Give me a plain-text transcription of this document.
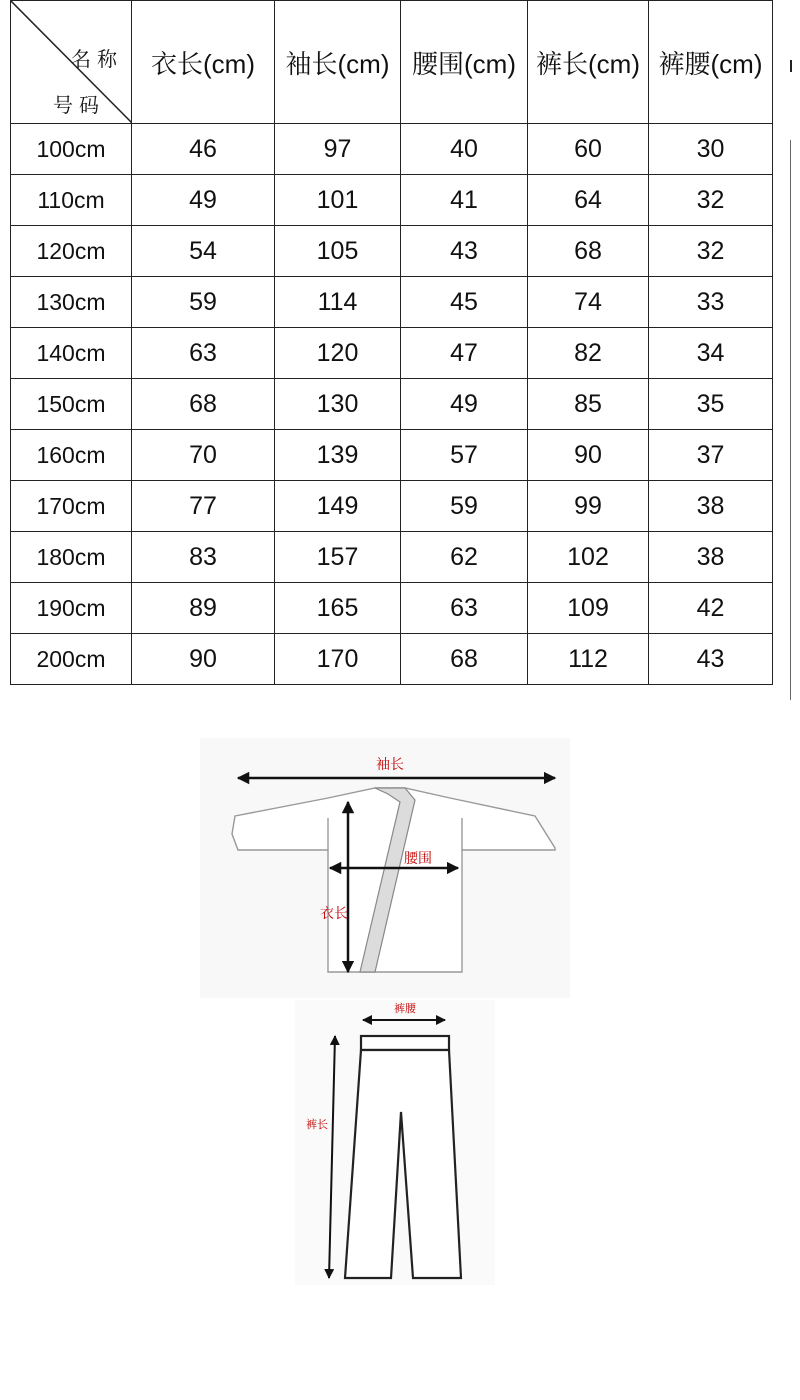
名称
号码	衣长(cm)	袖长(cm)	腰围(cm)	裤长(cm)	裤腰(cm)
100cm	46	97	40	60	30
110cm	49	101	41	64	32
120cm	54	105	43	68	32
130cm	59	114	45	74	33
140cm	63	120	47	82	34
150cm	68	130	49	85	35
160cm	70	139	57	90	37
170cm	77	149	59	99	38
180cm	83	157	62	102	38
190cm	89	165	63	109	42
200cm	90	170	68	112	43
袖长
腰围
衣长
裤腰
裤长
